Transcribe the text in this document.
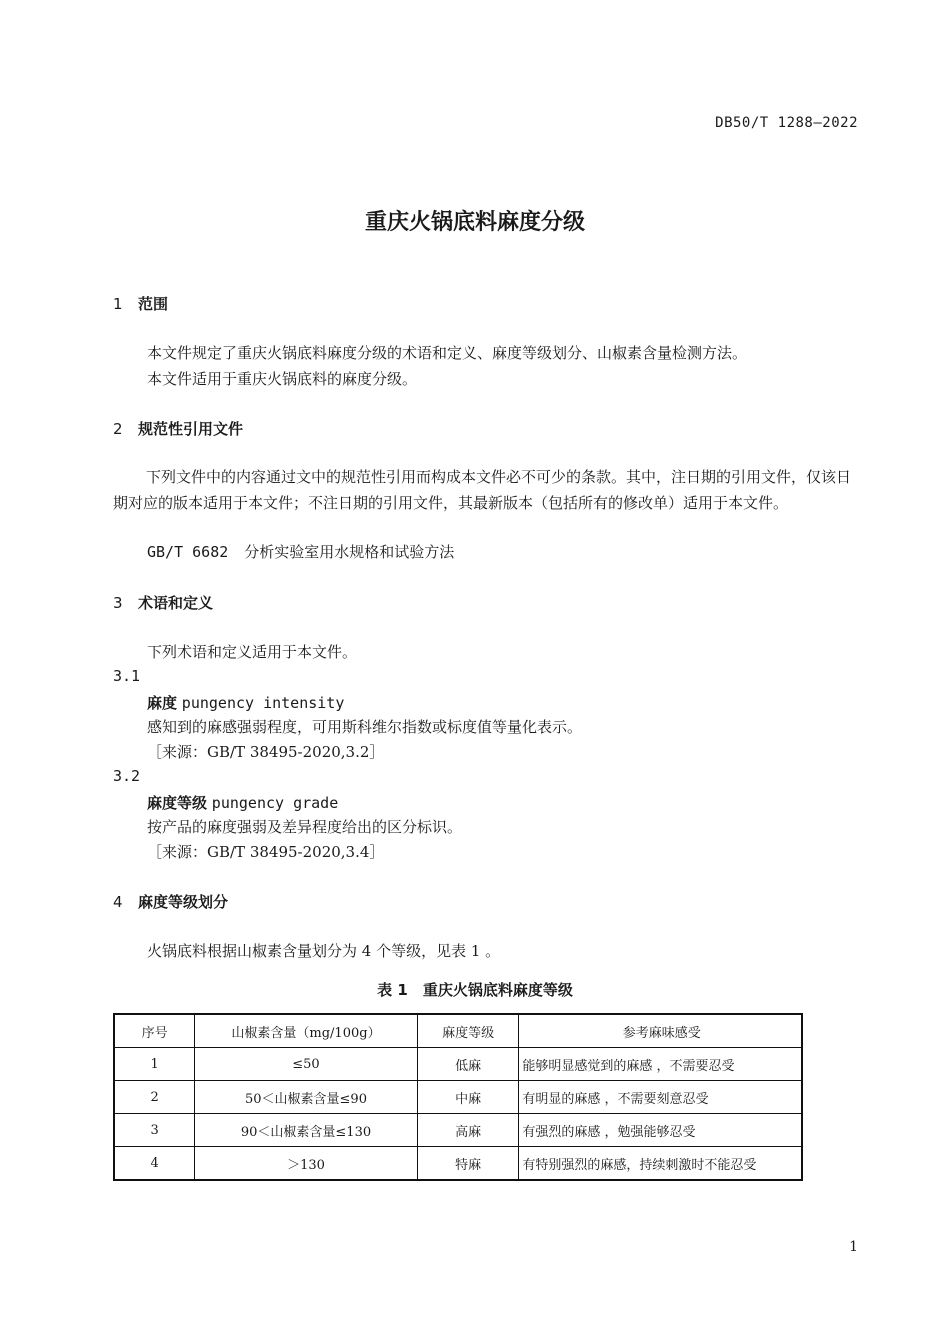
DB50/T 1288—2022
重庆火锅底料麻度分级
1 范围
本文件规定了重庆火锅底料麻度分级的术语和定义、麻度等级划分、山椒素含量检测方法。
本文件适用于重庆火锅底料的麻度分级。
2 规范性引用文件
下列文件中的内容通过文中的规范性引用而构成本文件必不可少的条款。其中，注日期的引用文件，仅该日期对应的版本适用于本文件；不注日期的引用文件，其最新版本（包括所有的修改单）适用于本文件。
GB/T 6682 分析实验室用水规格和试验方法
3 术语和定义
下列术语和定义适用于本文件。
3.1
麻度 pungency intensity
感知到的麻感强弱程度，可用斯科维尔指数或标度值等量化表示。
［来源：GB/T 38495-2020,3.2］
3.2
麻度等级 pungency grade
按产品的麻度强弱及差异程度给出的区分标识。
［来源：GB/T 38495-2020,3.4］
4 麻度等级划分
火锅底料根据山椒素含量划分为 4 个等级，见表 1 。
表 1　重庆火锅底料麻度等级
序号	山椒素含量（mg/100g）	麻度等级	参考麻味感受
1	≤50	低麻	能够明显感觉到的麻感 ，不需要忍受
2	50＜山椒素含量≤90	中麻	有明显的麻感 ，不需要刻意忍受
3	90＜山椒素含量≤130	高麻	有强烈的麻感 ，勉强能够忍受
4	＞130	特麻	有特别强烈的麻感，持续刺激时不能忍受
1
